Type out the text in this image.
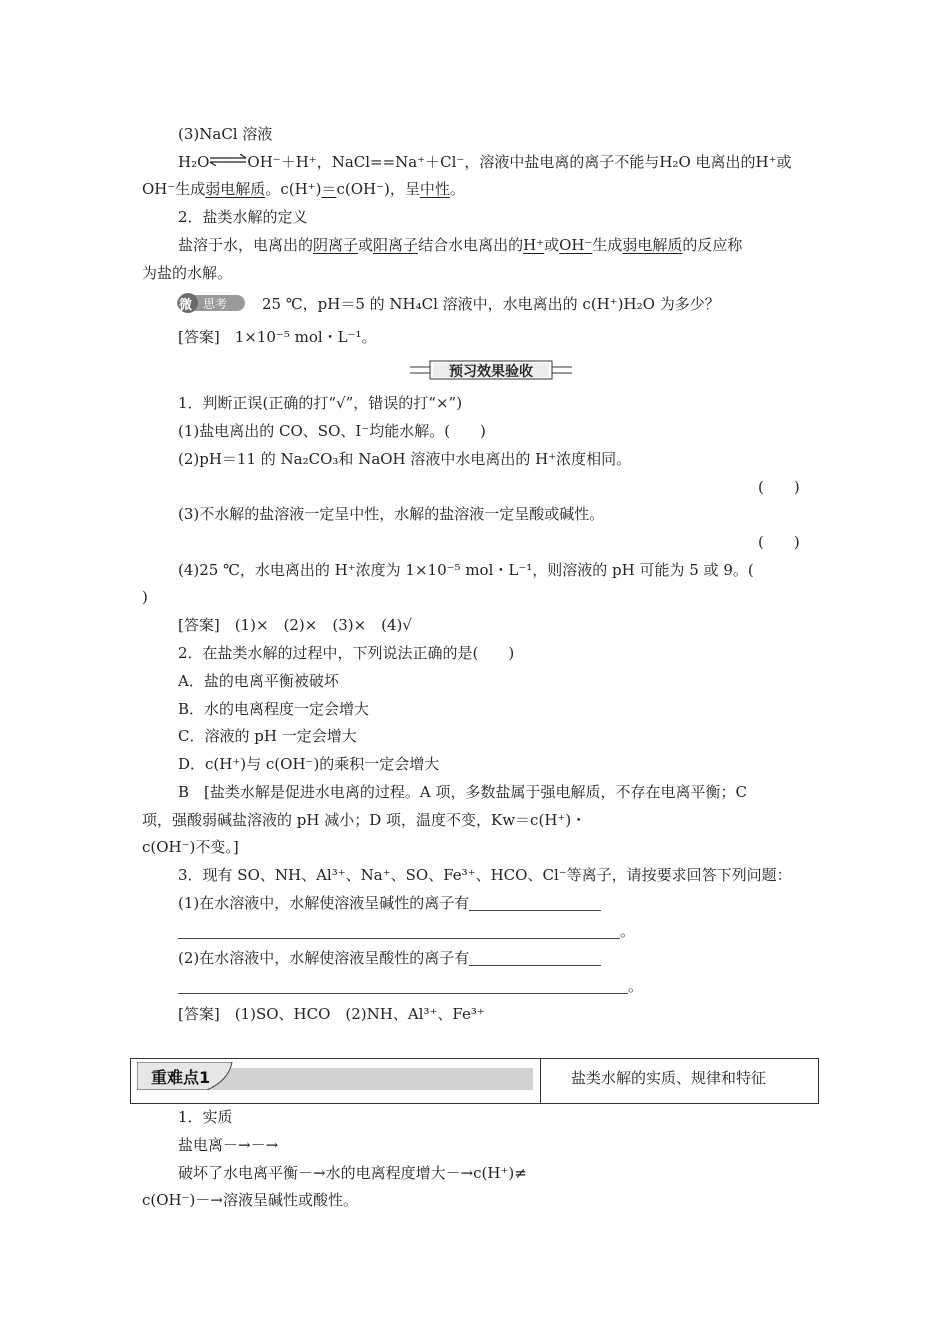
(3)NaCl 溶液
H₂O⇌OH⁻＋H⁺，NaCl==Na⁺＋Cl⁻，溶液中盐电离的离子不能与H₂O 电离出的H⁺或
OH⁻生成弱电解质。c(H⁺)＝c(OH⁻)，呈中性。
2．盐类水解的定义
盐溶于水，电离出的阴离子或阳离子结合水电离出的H⁺或OH⁻生成弱电解质的反应称
为盐的水解。
微 思考 25 ℃，pH＝5 的 NH₄Cl 溶液中，水电离出的 c(H⁺)H₂O 为多少？
[答案]　1×10⁻⁵ mol・L⁻¹。
预习效果验收
1．判断正误(正确的打“√”，错误的打“×”)
(1)盐电离出的 CO、SO、I⁻均能水解。(　　)
(2)pH＝11 的 Na₂CO₃和 NaOH 溶液中水电离出的 H⁺浓度相同。
(　　)
(3)不水解的盐溶液一定呈中性，水解的盐溶液一定呈酸或碱性。
(　　)
(4)25 ℃，水电离出的 H⁺浓度为 1×10⁻⁵ mol・L⁻¹，则溶液的 pH 可能为 5 或 9。(
)
[答案]　(1)×　(2)×　(3)×　(4)√
2．在盐类水解的过程中，下列说法正确的是(　　)
A．盐的电离平衡被破坏
B．水的电离程度一定会增大
C．溶液的 pH 一定会增大
D．c(H⁺)与 c(OH⁻)的乘积一定会增大
B　[盐类水解是促进水电离的过程。A 项，多数盐属于强电解质，不存在电离平衡；C
项，强酸弱碱盐溶液的 pH 减小；D 项，温度不变，Kw＝c(H⁺)・
c(OH⁻)不变。]
3．现有 SO、NH、Al³⁺、Na⁺、SO、Fe³⁺、HCO、Cl⁻等离子，请按要求回答下列问题：
(1)在水溶液中，水解使溶液呈碱性的离子有
。
(2)在水溶液中，水解使溶液呈酸性的离子有
。
[答案]　(1)SO、HCO　(2)NH、Al³⁺、Fe³⁺
重难点1	盐类水解的实质、规律和特征
1．实质
盐电离－→－→
破坏了水电离平衡－→水的电离程度增大－→c(H⁺)≠
c(OH⁻)－→溶液呈碱性或酸性。
